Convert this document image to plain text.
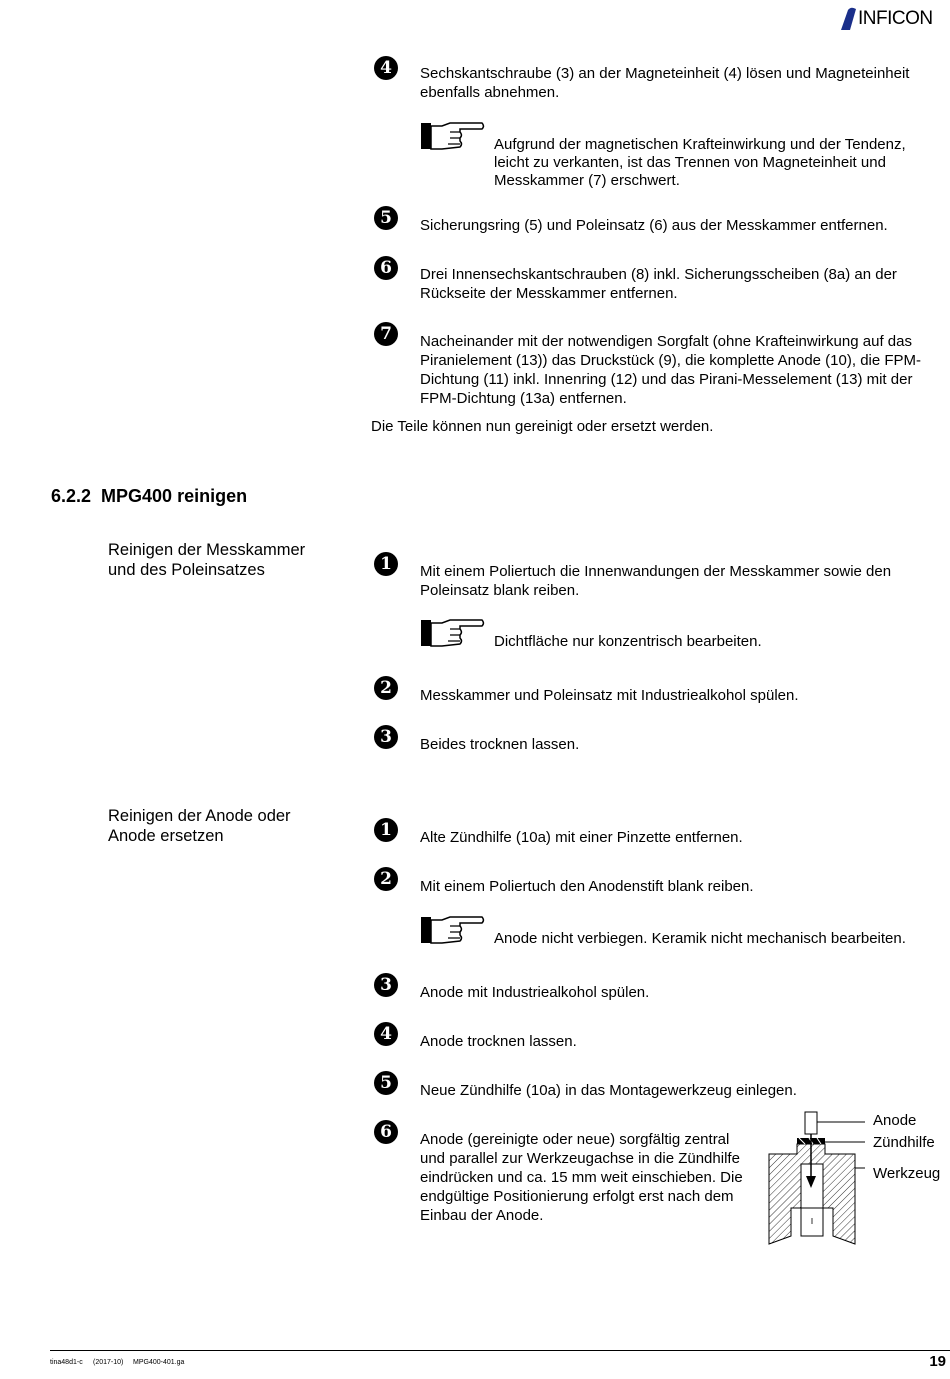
INFICON
4	Sechskantschraube (3) an der Magneteinheit (4) lösen und Magneteinheit ebenfalls abnehmen.
Aufgrund der magnetischen Krafteinwirkung und der Tendenz, leicht zu verkanten, ist das Trennen von Magneteinheit und Messkammer (7) erschwert.
5	Sicherungsring (5) und Poleinsatz (6) aus der Messkammer entfernen.
6	Drei Innensechskantschrauben (8) inkl. Sicherungsscheiben (8a) an der Rückseite der Messkammer entfernen.
7	Nacheinander mit der notwendigen Sorgfalt (ohne Krafteinwirkung auf das Piranielement (13)) das Druckstück (9), die komplette Anode (10), die FPM-Dichtung (11) inkl. Innenring (12) und das Pirani-Messelement (13) mit der FPM-Dichtung (13a) entfernen.
Die Teile können nun gereinigt oder ersetzt werden.
6.2.2  MPG400 reinigen
Reinigen der Messkammer
und des Poleinsatzes	1	Mit einem Poliertuch die Innenwandungen der Messkammer sowie den Poleinsatz blank reiben.
Dichtfläche nur konzentrisch bearbeiten.
2	Messkammer und Poleinsatz mit Industriealkohol spülen.
3	Beides trocknen lassen.
Reinigen der Anode oder
Anode ersetzen	1	Alte Zündhilfe (10a) mit einer Pinzette entfernen.
2	Mit einem Poliertuch den Anodenstift blank reiben.
Anode nicht verbiegen. Keramik nicht mechanisch bearbeiten.
3	Anode mit Industriealkohol spülen.
4	Anode trocknen lassen.
5	Neue Zündhilfe (10a) in das Montagewerkzeug einlegen.
6	Anode (gereinigte oder neue) sorgfältig zentral und parallel zur Werkzeugachse in die Zündhilfe eindrücken und ca. 15 mm weit einschieben. Die endgültige Positionierung erfolgt erst nach dem Einbau der Anode.
Anode
Zündhilfe
Werkzeug
tina48d1-c (2017-10) MPG400-401.ga	19
